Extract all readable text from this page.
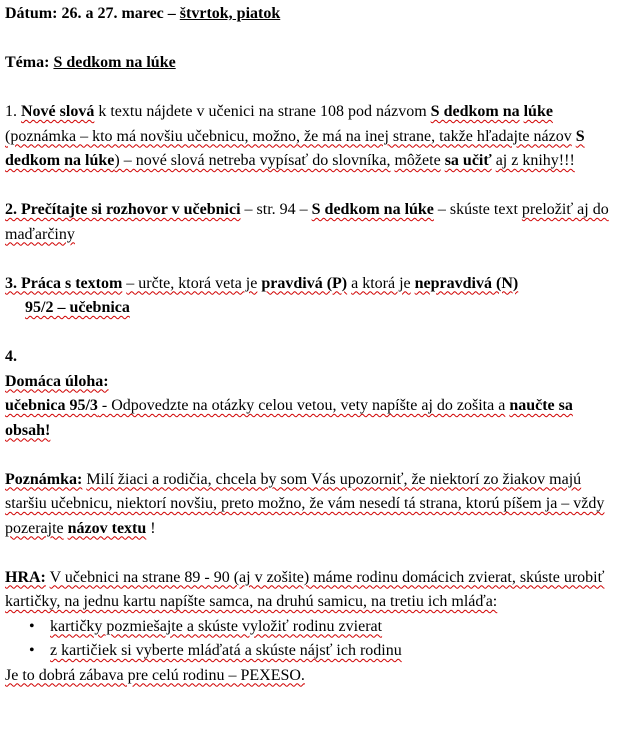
Dátum: 26. a 27. marec – štvrtok, piatok

Téma: S dedkom na lúke

1. Nové slová k textu nájdete v učenici na strane 108 pod názvom S dedkom na lúke (poznámka – kto má novšiu učebnicu, možno, že má na inej strane, takže hľadajte názov S dedkom na lúke) – nové slová netreba vypísať do slovníka, môžete sa učiť aj z knihy!!!

2. Prečítajte si rozhovor v učebnici – str. 94 – S dedkom na lúke – skúste text preložiť aj do maďarčiny

3. Práca s textom – určte, ktorá veta je pravdivá (P) a ktorá je nepravdivá (N)

95/2 – učebnica

4.

Domáca úloha:

učebnica 95/3 - Odpovedzte na otázky celou vetou, vety napíšte aj do zošita a naučte sa obsah!

Poznámka: Milí žiaci a rodičia, chcela by som Vás upozorniť, že niektorí zo žiakov majú staršiu učebnicu, niektorí novšiu, preto možno, že vám nesedí tá strana, ktorú píšem ja – vždy pozerajte názov textu !

HRA: V učebnici na strane 89 - 90 (aj v zošite) máme rodinu domácich zvierat, skúste urobiť kartičky, na jednu kartu napíšte samca, na druhú samicu, na tretiu ich mláďa:

• kartičky pozmiešajte a skúste vyložiť rodinu zvierat
• z kartičiek si vyberte mláďatá a skúste nájsť ich rodinu

Je to dobrá zábava pre celú rodinu – PEXESO.
